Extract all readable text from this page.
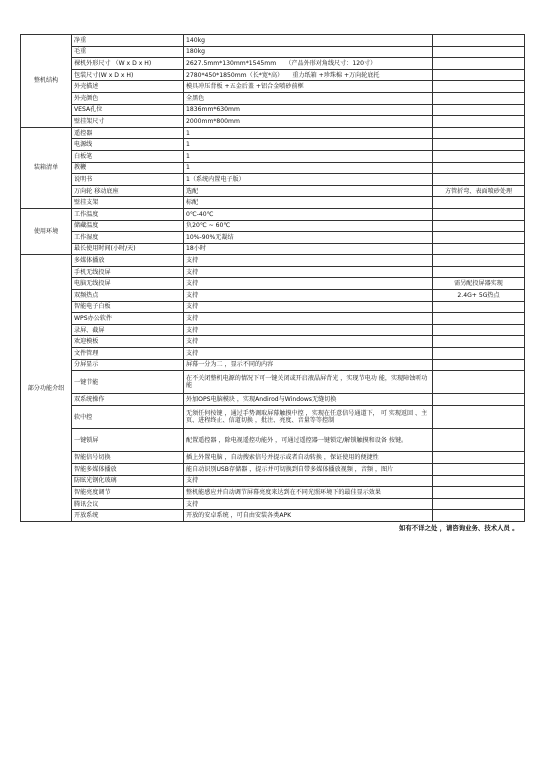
整机结构	净重	140kg	
	毛重	180kg	
	裸机外形尺寸 （W x D x H)	2627.5mm*130mm*1545mm　　（产品外形对角线尺寸：120寸）	
	包装尺寸(W x D x H)	2780*450*1850mm（长*宽*高）　　重力纸箱 +珍珠棉 +万向轮底托	
	外壳描述	模具冲压背板 +五金后盖 +铝合金喷砂前框	
	外壳颜色	全黑色	
	VESA孔位	1836mm*630mm	
	壁挂架尺寸	2000mm*800mm	
装箱清单	遥控器	1	
	电源线	1	
	白板笔	1	
	教鞭	1	
	说明书	1（系统内置电子版）	
	万向轮 移动底座	选配	方管折弯、表面喷砂处理
	壁挂支架	标配	
使用环境	工作温度	0℃-40℃	
	储藏温度	负20℃ ~ 60℃	
	工作湿度	10%-90%无凝结	
	最长使用时间(小时/天)	18小时	
部分功能介绍	多媒体播放	支持	
	手机无线投屏	支持	
	电脑无线投屏	支持	需另配投屏器实现
	双频热点	支持	2.4G+ 5G热点
	智能电子白板	支持	
	WPS办公软件	支持	
	录屏、截屏	支持	
	欢迎模板	支持	
	文件管理	支持	
	分屏显示	屏幕一分为二 ，显示不同的内容	
	一键节能	在不关闭整机电源的情况下可一键关闭或开启液晶屏背光 ，实现节电功 能，实现障蚀听功能	
	双系统操作	外加OPS电脑模块 ，实现Andirod与Windows无缝切换	
	软中控	无须任何按键 ，通过手势调取屏幕触摸中控 ，实现在任意信号通道下， 可 实现返回 、主页、进程终止、信道切换 ，批注、亮度、音量等等控制	
	一键锁屏	配置遥控器 ，除电视遥控功能外 ，可通过遥控器一键锁定/解锁触摸和设备 按键。	
	智能信号切换	插上外置电脑 ，自动搜索信号并提示或者自动转换 ，保证使用的便捷性	
	智能多媒体播放	能自动识别USB存储器 ，提示并可切换到自带多媒体播放视频 ，音频 ，图片	
	防眩光钢化玻璃	支持	
	智能亮度调节	整机能感应并自动调节屏幕亮度来达到在不同光照环境下的最佳显示效果	
	腾讯会议	支持	
	开放系统	开放的安卓系统 ，可自由安装各类APK	
如有不详之处 ，请咨询业务、技术人员 。			
